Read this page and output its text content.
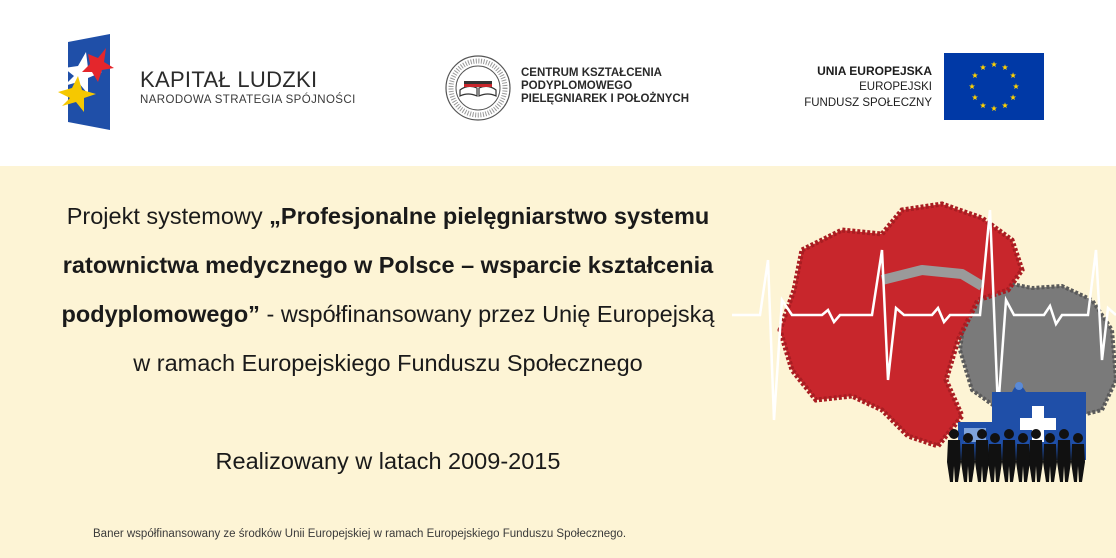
KAPITAŁ LUDZKI
NARODOWA STRATEGIA SPÓJNOŚCI
CENTRUM KSZTAŁCENIA
PODYPLOMOWEGO
PIELĘGNIAREK I POŁOŻNYCH
UNIA EUROPEJSKA
EUROPEJSKI
FUNDUSZ SPOŁECZNY
Projekt systemowy „Profesjonalne pielęgniarstwo systemu
ratownictwa medycznego w Polsce – wsparcie kształcenia
podyplomowego” - współfinansowany przez Unię Europejską
w ramach Europejskiego Funduszu Społecznego
Realizowany w latach 2009-2015
Baner współfinansowany ze środków Unii Europejskiej w ramach Europejskiego Funduszu Społecznego.
